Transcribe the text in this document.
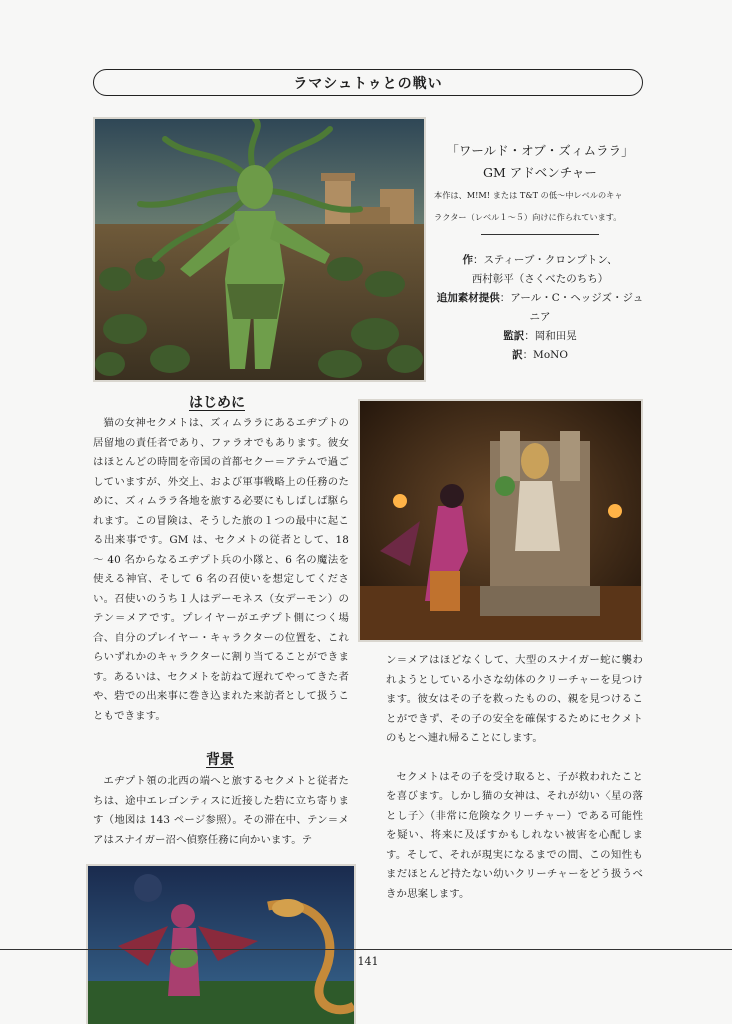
ラマシュトゥとの戦い
「ワールド・オブ・ズィムララ」
GM アドベンチャー
本作は、M!M! または T&T の低～中レベルのキャ
ラクター（レベル１～５）向けに作られています。
作：スティーブ・クロンプトン、
西村彰平（さくべたのちち）
追加素材提供：アール・C・ヘッジズ・ジュニア
監訳：岡和田晃
訳：MoNO
はじめに

猫の女神セクメトは、ズィムララにあるエヂプトの居留地の責任者であり、ファラオでもあります。彼女はほとんどの時間を帝国の首都セクー＝アテムで過ごしていますが、外交上、および軍事戦略上の任務のために、ズィムララ各地を旅する必要にもしばしば駆られます。この冒険は、そうした旅の１つの最中に起こる出来事です。GM は、セクメトの従者として、18 ～ 40 名からなるエヂプト兵の小隊と、6 名の魔法を使える神官、そして 6 名の召使いを想定してください。召使いのうち１人はデーモネス（女デーモン）のテン＝メアです。プレイヤーがエヂプト側につく場合、自分のプレイヤー・キャラクターの位置を、これらいずれかのキャラクターに割り当てることができます。あるいは、セクメトを訪ねて遅れてやってきた者や、砦での出来事に巻き込まれた来訪者として扱うこともできます。

背景

エヂプト領の北西の端へと旅するセクメトと従者たちは、途中エレゴンティスに近接した砦に立ち寄ります（地図は 143 ページ参照）。その滞在中、テン＝メアはスナイガー沼へ偵察任務に向かいます。テ

ン＝メアはほどなくして、大型のスナイガー蛇に襲われようとしている小さな幼体のクリーチャーを見つけます。彼女はその子を救ったものの、親を見つけることができず、その子の安全を確保するためにセクメトのもとへ連れ帰ることにします。

セクメトはその子を受け取ると、子が救われたことを喜びます。しかし猫の女神は、それが幼い〈星の落とし子〉（非常に危険なクリーチャー）である可能性を疑い、将来に及ぼすかもしれない被害を心配します。そして、それが現実になるまでの間、この知性もまだほとんど持たない幼いクリーチャーをどう扱うべきか思案します。

141
